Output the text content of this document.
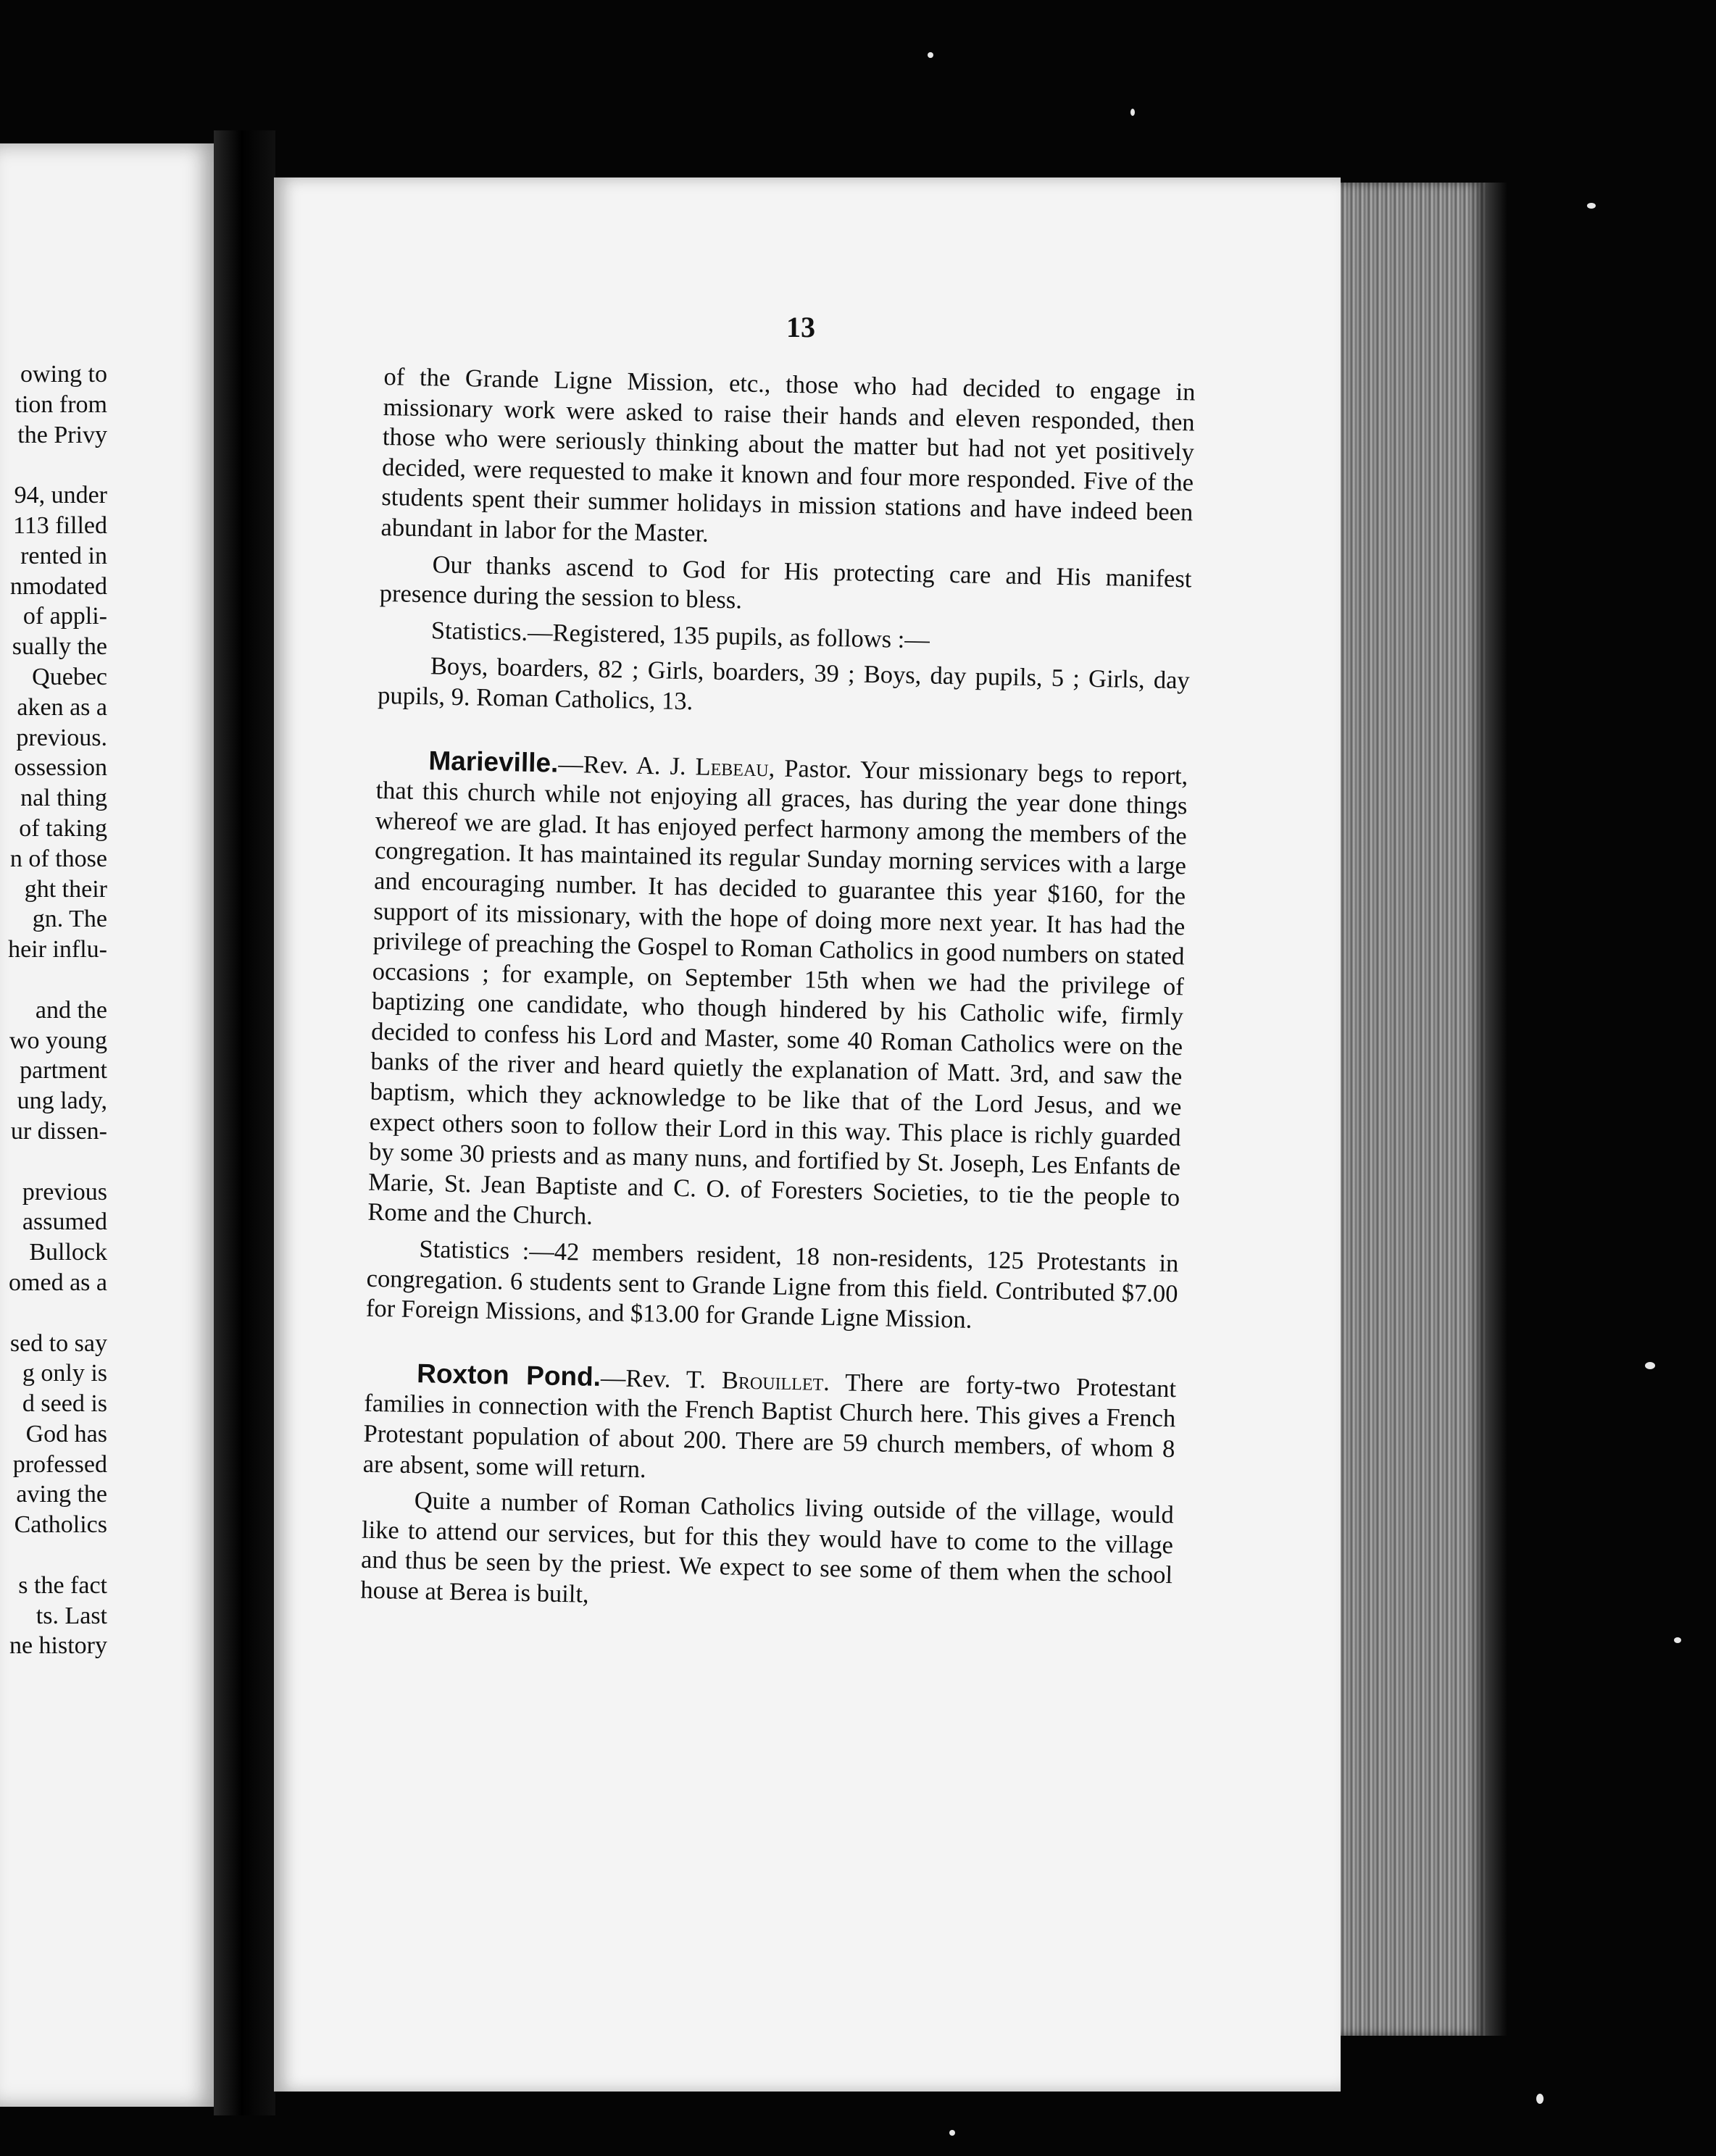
owing to
tion from
the Privy
94, under
113 filled
rented in
nmodated
of appli-
sually the
Quebec
aken as a
previous.
ossession
nal thing
of taking
n of those
ght their
gn. The
heir influ-
and the
wo young
partment
ung lady,
ur dissen-
previous
assumed
Bullock
omed as a
sed to say
g only is
d seed is
God has
professed
aving the
Catholics
s the fact
ts. Last
ne history
13

of the Grande Ligne Mission, etc., those who had decided to engage in missionary work were asked to raise their hands and eleven responded, then those who were seriously thinking about the matter but had not yet positively decided, were requested to make it known and four more responded. Five of the students spent their summer holidays in mission stations and have indeed been abundant in labor for the Master.

Our thanks ascend to God for His protecting care and His manifest presence during the session to bless.

Statistics.—Registered, 135 pupils, as follows :—

Boys, boarders, 82 ; Girls, boarders, 39 ; Boys, day pupils, 5 ; Girls, day pupils, 9. Roman Catholics, 13.

Marieville.—Rev. A. J. Lebeau, Pastor. Your missionary begs to report, that this church while not enjoying all graces, has during the year done things whereof we are glad. It has enjoyed perfect harmony among the members of the congregation. It has maintained its regular Sunday morning services with a large and encouraging number. It has decided to guarantee this year $160, for the support of its missionary, with the hope of doing more next year. It has had the privilege of preaching the Gospel to Roman Catholics in good numbers on stated occasions ; for example, on September 15th when we had the privilege of baptizing one candidate, who though hindered by his Catholic wife, firmly decided to confess his Lord and Master, some 40 Roman Catholics were on the banks of the river and heard quietly the explanation of Matt. 3rd, and saw the baptism, which they acknowledge to be like that of the Lord Jesus, and we expect others soon to follow their Lord in this way. This place is richly guarded by some 30 priests and as many nuns, and fortified by St. Joseph, Les Enfants de Marie, St. Jean Baptiste and C. O. of Foresters Societies, to tie the people to Rome and the Church.

Statistics :—42 members resident, 18 non-residents, 125 Protestants in congregation. 6 students sent to Grande Ligne from this field. Contributed $7.00 for Foreign Missions, and $13.00 for Grande Ligne Mission.

Roxton Pond.—Rev. T. Brouillet. There are forty-two Protestant families in connection with the French Baptist Church here. This gives a French Protestant population of about 200. There are 59 church members, of whom 8 are absent, some will return.

Quite a number of Roman Catholics living outside of the village, would like to attend our services, but for this they would have to come to the village and thus be seen by the priest. We expect to see some of them when the school house at Berea is built,
